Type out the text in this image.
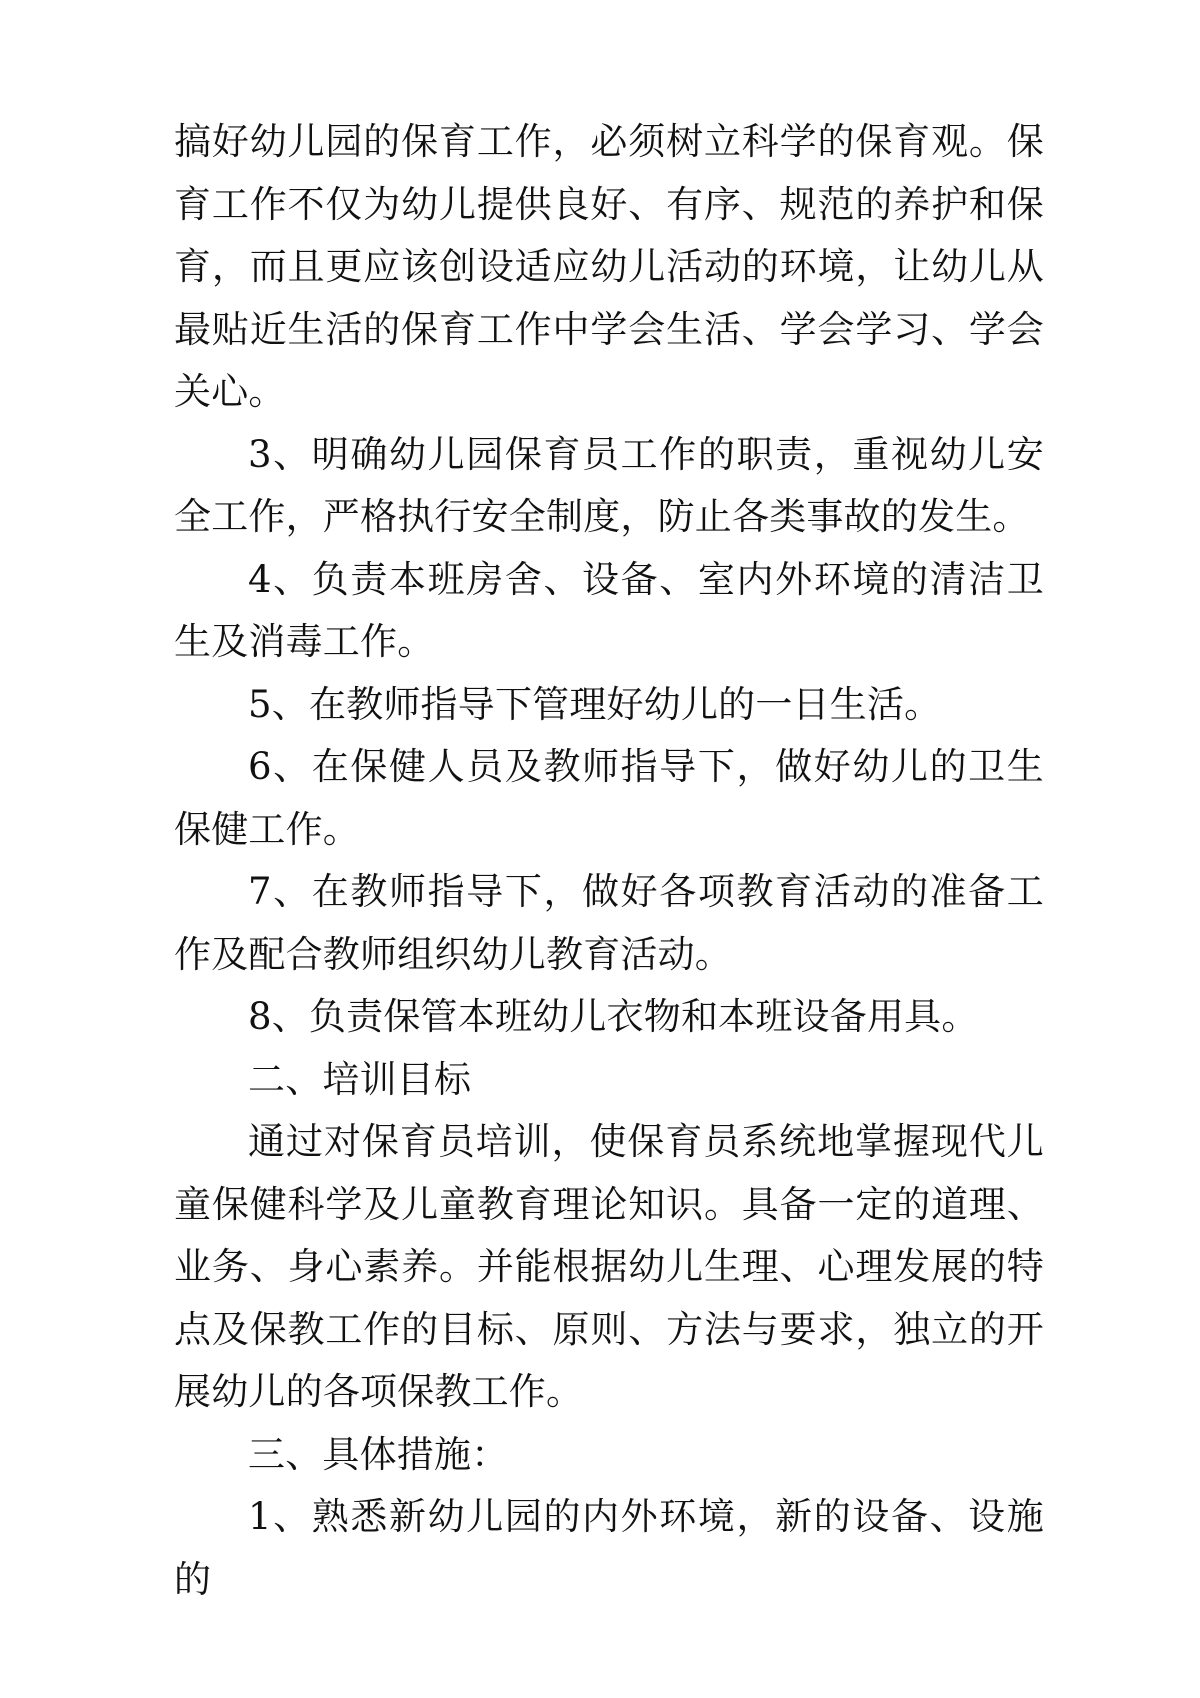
搞好幼儿园的保育工作，必须树立科学的保育观。保育工作不仅为幼儿提供良好、有序、规范的养护和保育，而且更应该创设适应幼儿活动的环境，让幼儿从最贴近生活的保育工作中学会生活、学会学习、学会关心。

3、明确幼儿园保育员工作的职责，重视幼儿安全工作，严格执行安全制度，防止各类事故的发生。

4、负责本班房舍、设备、室内外环境的清洁卫生及消毒工作。

5、在教师指导下管理好幼儿的一日生活。

6、在保健人员及教师指导下，做好幼儿的卫生保健工作。

7、在教师指导下，做好各项教育活动的准备工作及配合教师组织幼儿教育活动。

8、负责保管本班幼儿衣物和本班设备用具。

二、培训目标

通过对保育员培训，使保育员系统地掌握现代儿童保健科学及儿童教育理论知识。具备一定的道理、业务、身心素养。并能根据幼儿生理、心理发展的特点及保教工作的目标、原则、方法与要求，独立的开展幼儿的各项保教工作。

三、具体措施：

1、熟悉新幼儿园的内外环境，新的设备、设施的
